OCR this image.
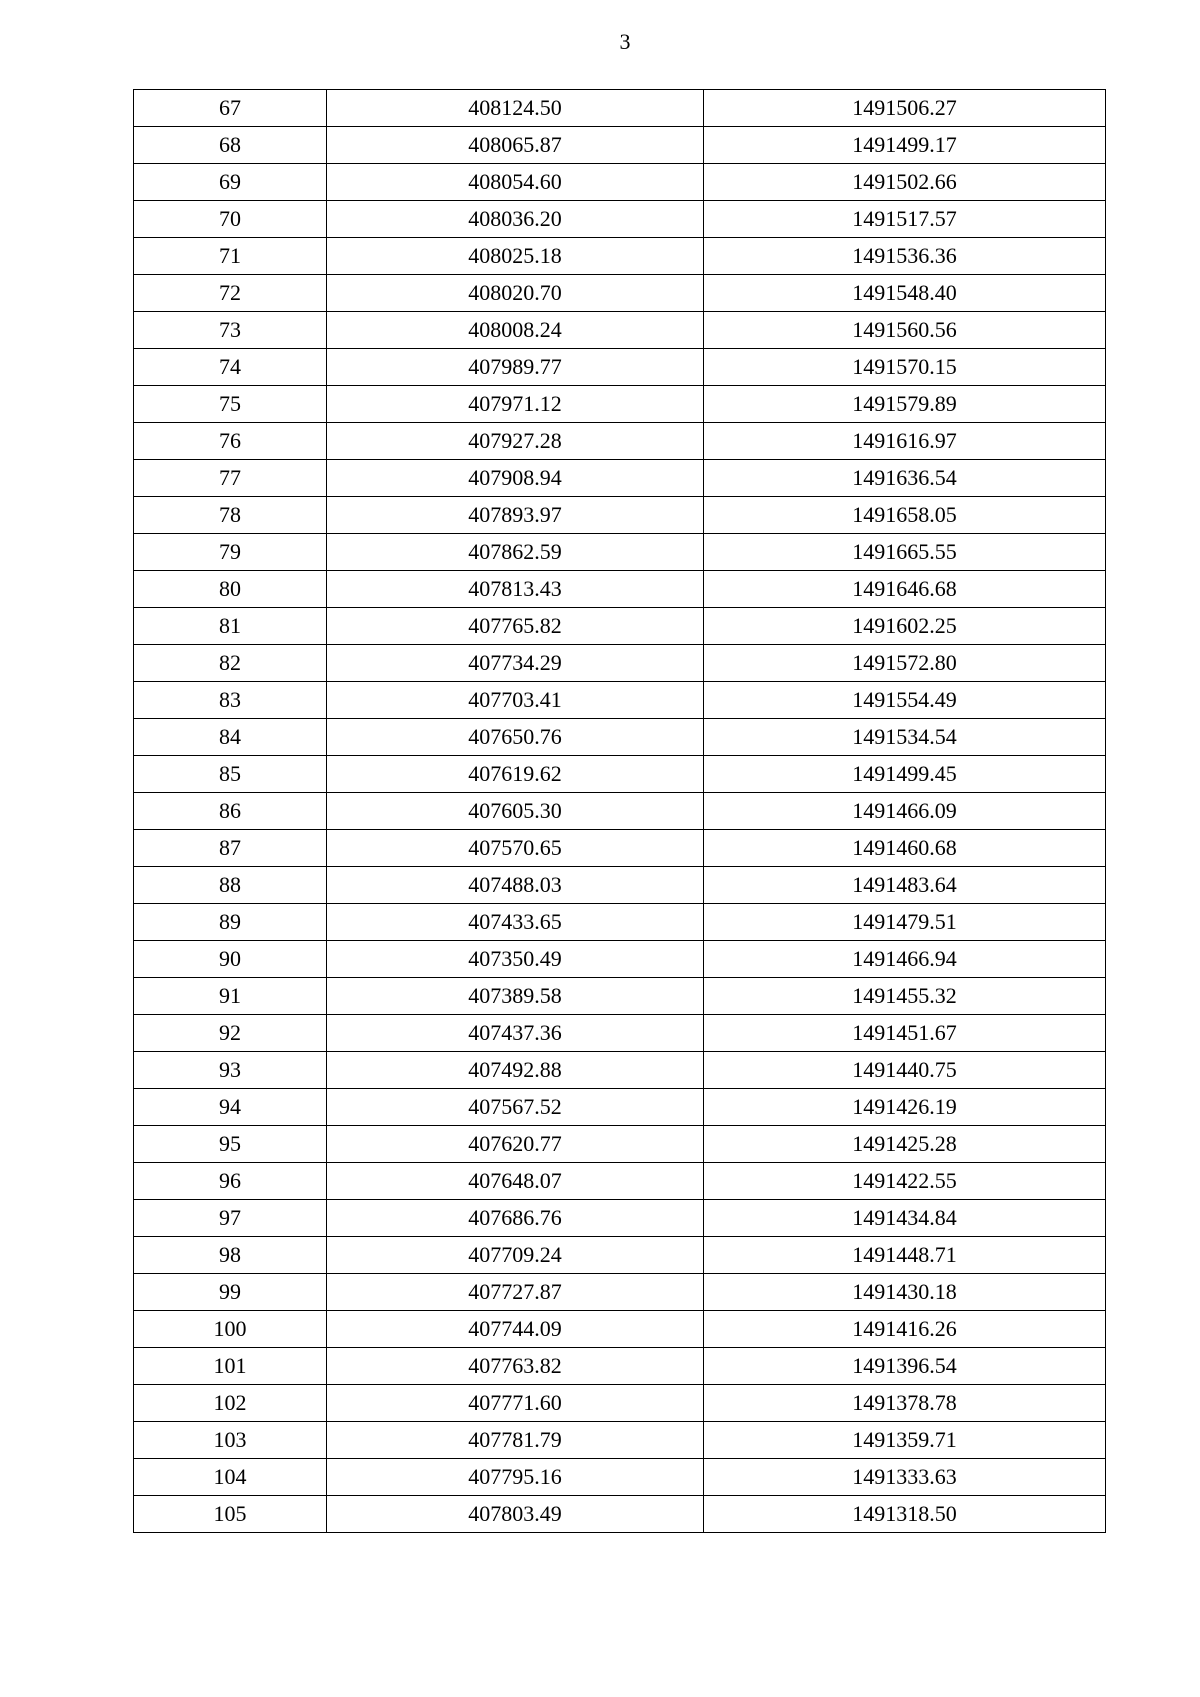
3
67	408124.50	1491506.27
68	408065.87	1491499.17
69	408054.60	1491502.66
70	408036.20	1491517.57
71	408025.18	1491536.36
72	408020.70	1491548.40
73	408008.24	1491560.56
74	407989.77	1491570.15
75	407971.12	1491579.89
76	407927.28	1491616.97
77	407908.94	1491636.54
78	407893.97	1491658.05
79	407862.59	1491665.55
80	407813.43	1491646.68
81	407765.82	1491602.25
82	407734.29	1491572.80
83	407703.41	1491554.49
84	407650.76	1491534.54
85	407619.62	1491499.45
86	407605.30	1491466.09
87	407570.65	1491460.68
88	407488.03	1491483.64
89	407433.65	1491479.51
90	407350.49	1491466.94
91	407389.58	1491455.32
92	407437.36	1491451.67
93	407492.88	1491440.75
94	407567.52	1491426.19
95	407620.77	1491425.28
96	407648.07	1491422.55
97	407686.76	1491434.84
98	407709.24	1491448.71
99	407727.87	1491430.18
100	407744.09	1491416.26
101	407763.82	1491396.54
102	407771.60	1491378.78
103	407781.79	1491359.71
104	407795.16	1491333.63
105	407803.49	1491318.50
